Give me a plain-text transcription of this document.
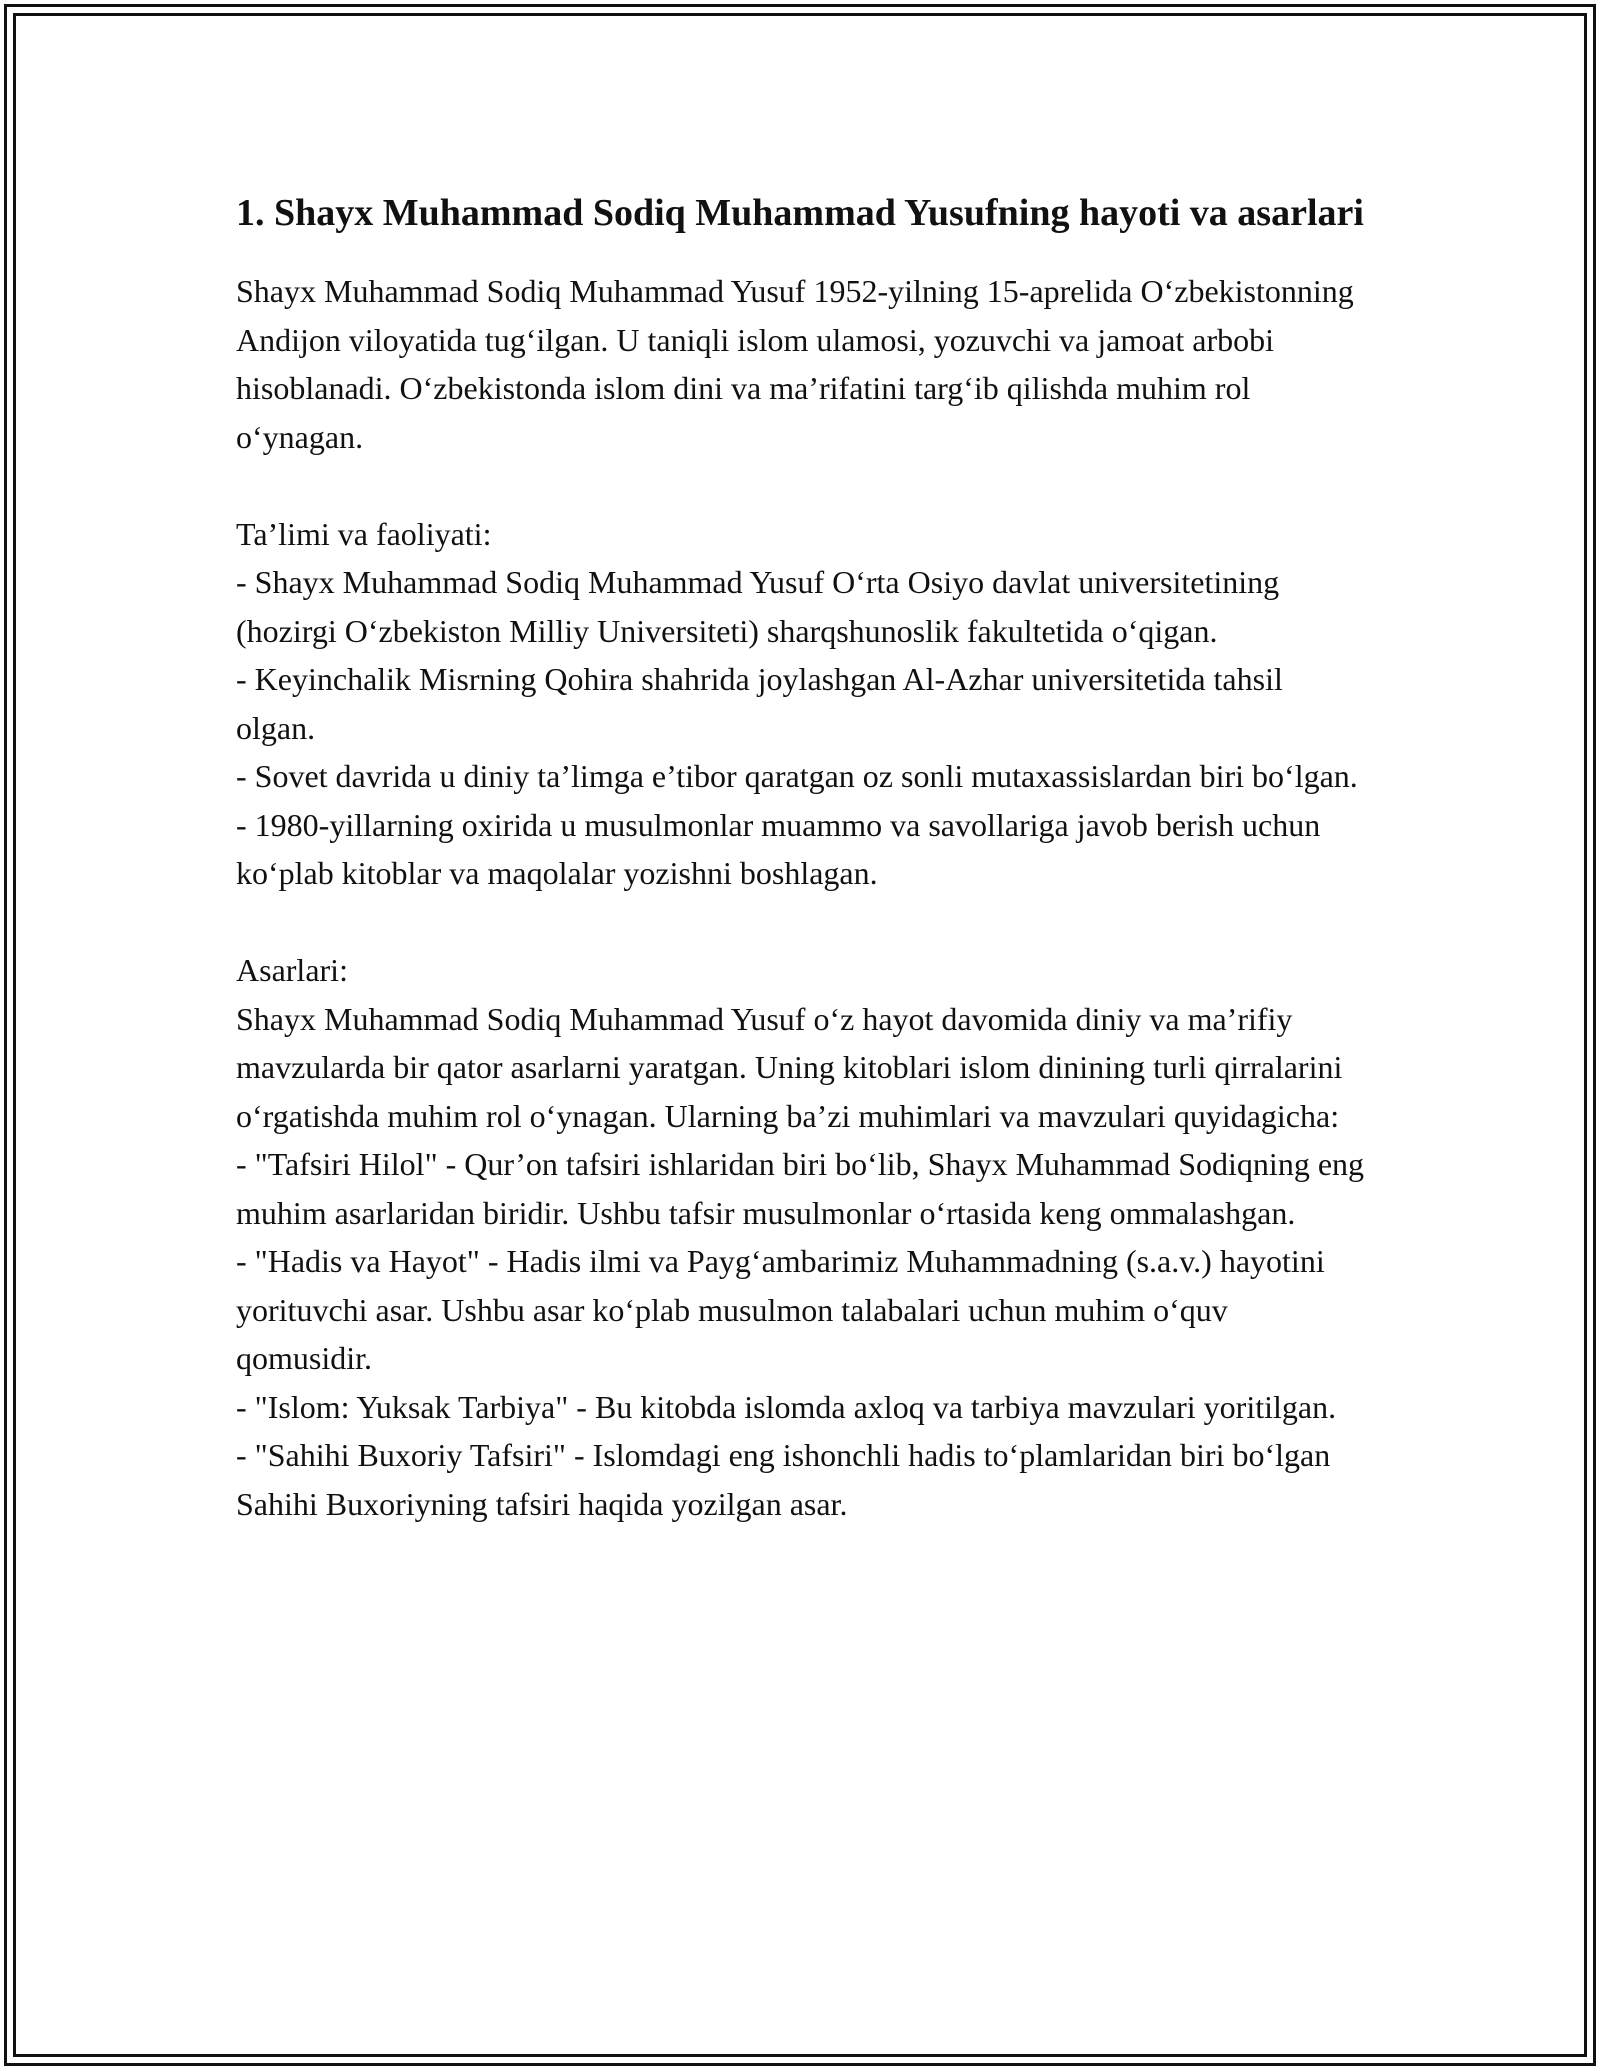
1. Shayx Muhammad Sodiq Muhammad Yusufning hayoti va asarlari

Shayx Muhammad Sodiq Muhammad Yusuf 1952-yilning 15-aprelida O‘zbekistonning Andijon viloyatida tug‘ilgan. U taniqli islom ulamosi, yozuvchi va jamoat arbobi hisoblanadi. O‘zbekistonda islom dini va ma’rifatini targ‘ib qilishda muhim rol o‘ynagan.

Ta’limi va faoliyati:

- Shayx Muhammad Sodiq Muhammad Yusuf O‘rta Osiyo davlat universitetining (hozirgi O‘zbekiston Milliy Universiteti) sharqshunoslik fakultetida o‘qigan.

- Keyinchalik Misrning Qohira shahrida joylashgan Al-Azhar universitetida tahsil olgan.

- Sovet davrida u diniy ta’limga e’tibor qaratgan oz sonli mutaxassislardan biri bo‘lgan.

- 1980-yillarning oxirida u musulmonlar muammo va savollariga javob berish uchun ko‘plab kitoblar va maqolalar yozishni boshlagan.

Asarlari:

Shayx Muhammad Sodiq Muhammad Yusuf o‘z hayot davomida diniy va ma’rifiy mavzularda bir qator asarlarni yaratgan. Uning kitoblari islom dinining turli qirralarini o‘rgatishda muhim rol o‘ynagan. Ularning ba’zi muhimlari va mavzulari quyidagicha:

- "Tafsiri Hilol" - Qur’on tafsiri ishlaridan biri bo‘lib, Shayx Muhammad Sodiqning eng muhim asarlaridan biridir. Ushbu tafsir musulmonlar o‘rtasida keng ommalashgan.

- "Hadis va Hayot" - Hadis ilmi va Payg‘ambarimiz Muhammadning (s.a.v.) hayotini yorituvchi asar. Ushbu asar ko‘plab musulmon talabalari uchun muhim o‘quv qomusidir.

- "Islom: Yuksak Tarbiya" - Bu kitobda islomda axloq va tarbiya mavzulari yoritilgan.

- "Sahihi Buxoriy Tafsiri" - Islomdagi eng ishonchli hadis to‘plamlaridan biri bo‘lgan Sahihi Buxoriyning tafsiri haqida yozilgan asar.
